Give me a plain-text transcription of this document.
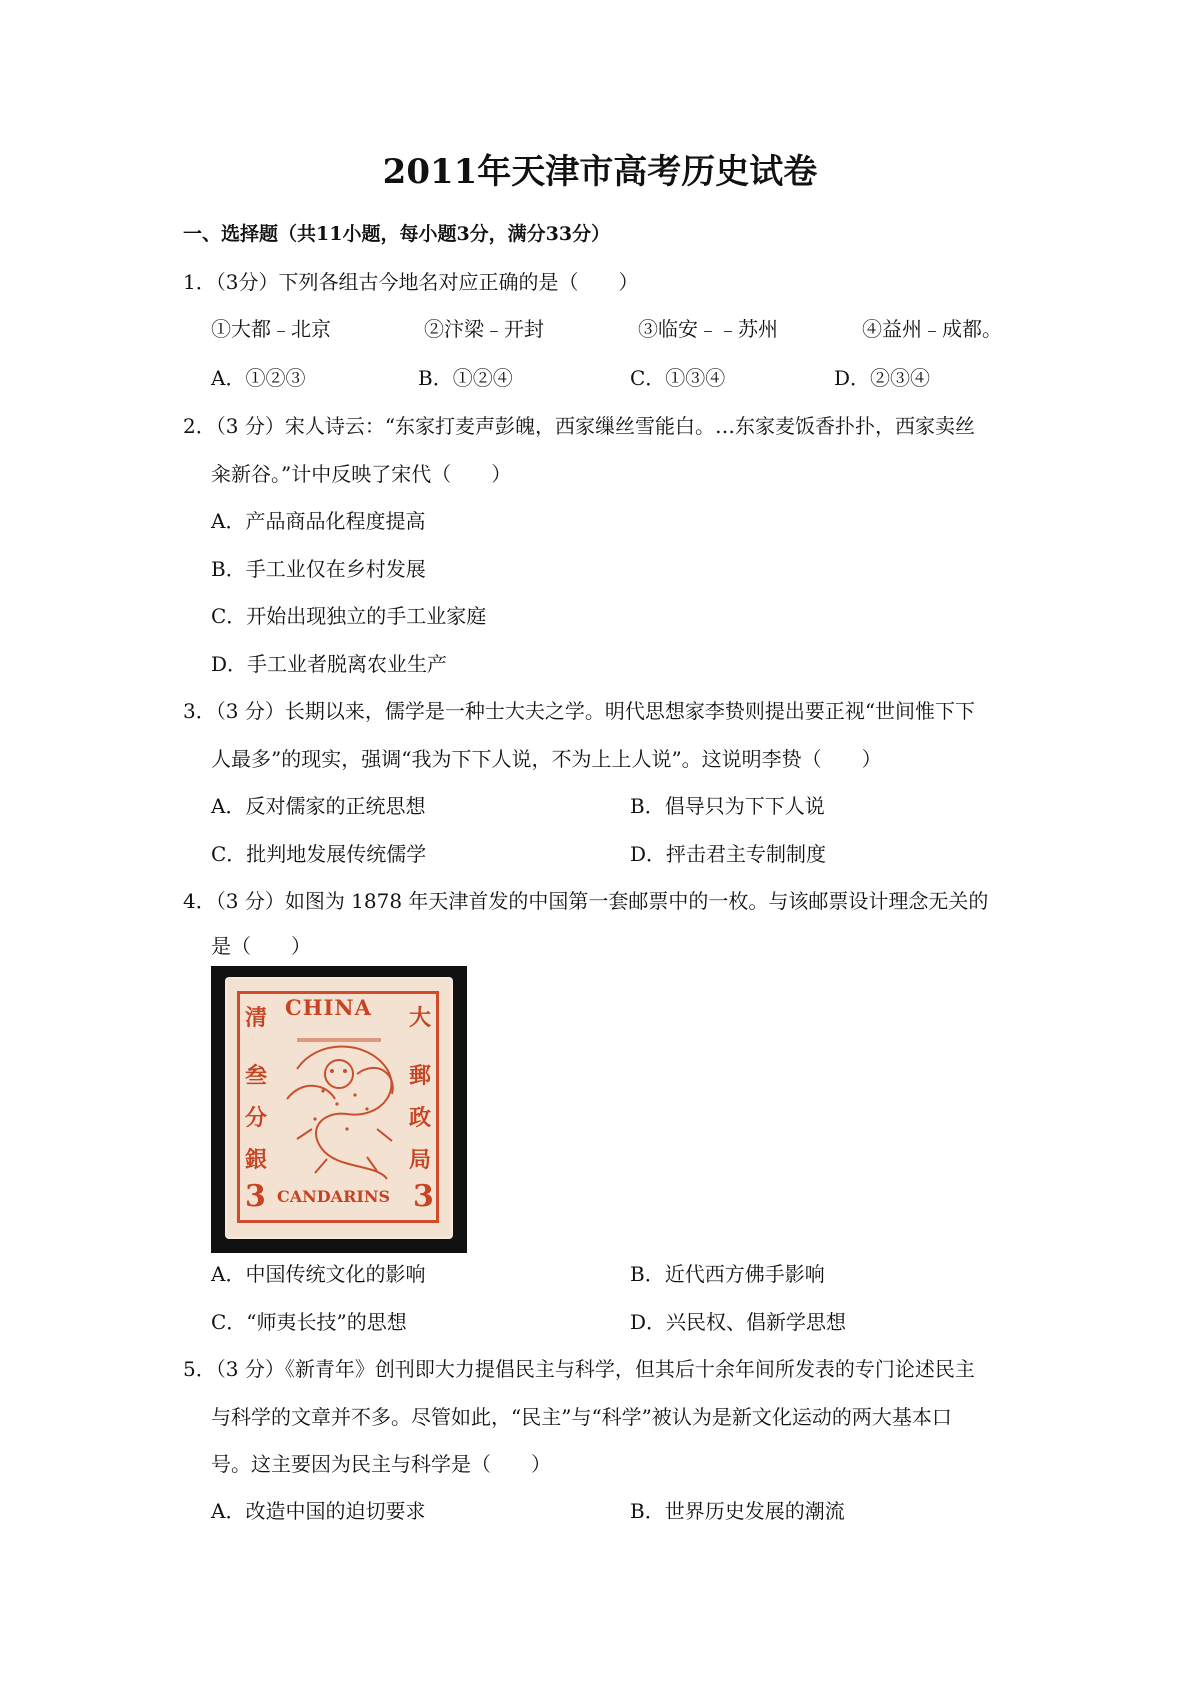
2011年天津市高考历史试卷
一、选择题（共11小题，每小题3分，满分33分）
1．（3分）下列各组古今地名对应正确的是（　　）
①大都﹣北京	②汴梁﹣开封	③临安﹣﹣苏州	④益州﹣成都。
A．①②③	B．①②④	C．①③④	D．②③④
2．（3 分）宋人诗云：“东家打麦声彭魄，西家缫丝雪能白。…东家麦饭香扑扑，西家卖丝
籴新谷。”计中反映了宋代（　　）
A．产品商品化程度提高
B．手工业仅在乡村发展
C．开始出现独立的手工业家庭
D．手工业者脱离农业生产
3．（3 分）长期以来，儒学是一种士大夫之学。明代思想家李贽则提出要正视“世间惟下下
人最多”的现实，强调“我为下下人说，不为上上人说”。这说明李贽（　　）
A．反对儒家的正统思想	B．倡导只为下下人说
C．批判地发展传统儒学	D．抨击君主专制制度
4．（3 分）如图为 1878 年天津首发的中国第一套邮票中的一枚。与该邮票设计理念无关的
是（　　）
CHINA
清
叁
分
銀
大
郵
政
局
3 CANDARINS 3
A．中国传统文化的影响	B．近代西方佛手影响
C．“师夷长技”的思想	D．兴民权、倡新学思想
5．（3 分）《新青年》创刊即大力提倡民主与科学，但其后十余年间所发表的专门论述民主
与科学的文章并不多。尽管如此，“民主”与“科学”被认为是新文化运动的两大基本口
号。这主要因为民主与科学是（　　）
A．改造中国的迫切要求	B．世界历史发展的潮流
